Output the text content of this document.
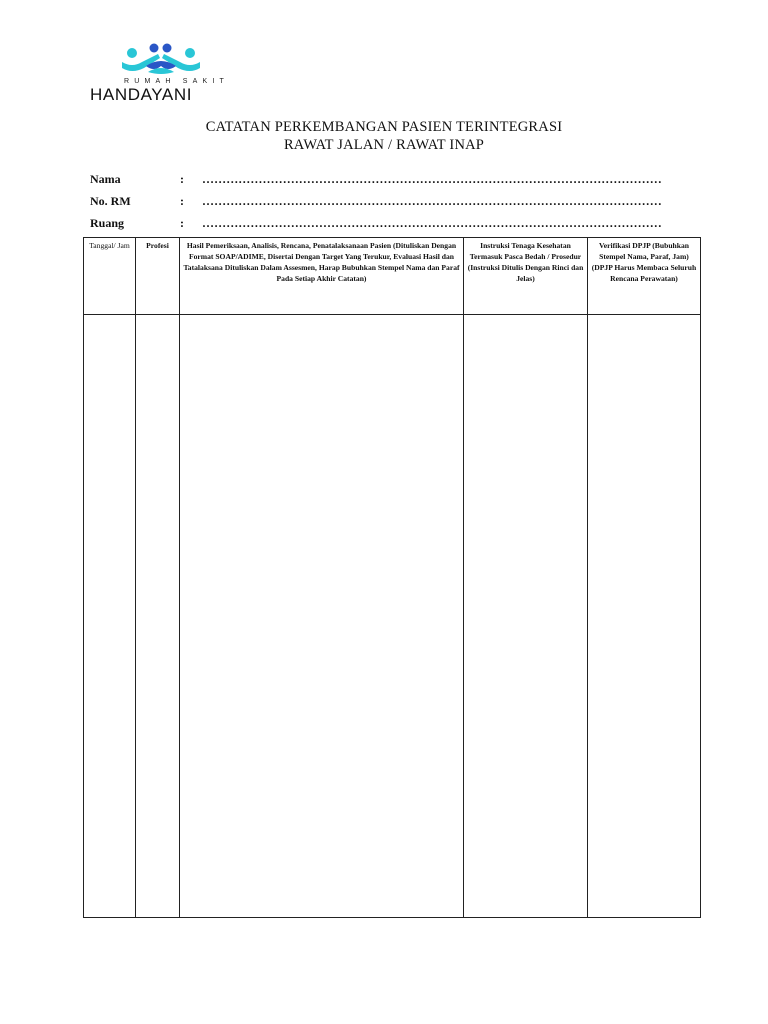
RUMAH SAKIT
HANDAYANI
CATATAN PERKEMBANGAN PASIEN TERINTEGRASI
RAWAT JALAN / RAWAT INAP
Nama	: ……………………………………………………………………………………………………
No. RM	: ……………………………………………………………………………………………………
Ruang	: ……………………………………………………………………………………………………
Tanggal/ Jam	Profesi	Hasil Pemeriksaan, Analisis, Rencana, Penatalaksanaan Pasien (Dituliskan Dengan Format SOAP/ADIME, Disertai Dengan Target Yang Terukur, Evaluasi Hasil dan Tatalaksana Dituliskan Dalam Assesmen, Harap Bubuhkan Stempel Nama dan Paraf Pada Setiap Akhir Catatan)	Instruksi Tenaga Kesehatan Termasuk Pasca Bedah / Prosedur (Instruksi Ditulis Dengan Rinci dan Jelas)	Verifikasi DPJP (Bubuhkan Stempel Nama, Paraf, Jam) (DPJP Harus Membaca Seluruh Rencana Perawatan)
